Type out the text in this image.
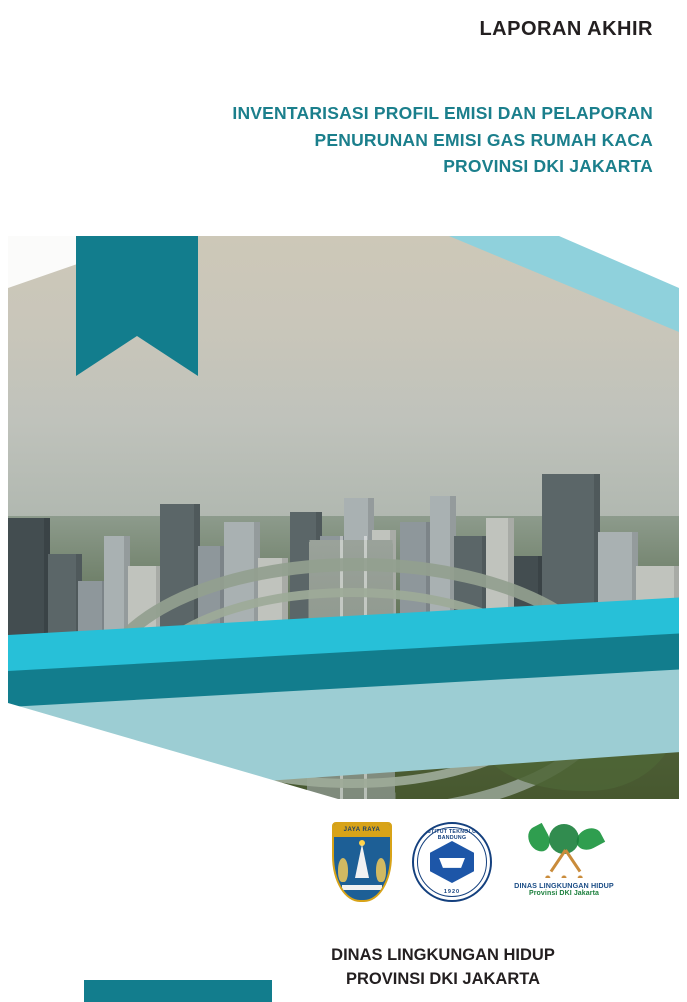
LAPORAN AKHIR
INVENTARISASI PROFIL EMISI DAN PELAPORAN
PENURUNAN EMISI GAS RUMAH KACA
PROVINSI DKI JAKARTA
2024
JAYA RAYA	INSTITUT TEKNOLOGI BANDUNG
1920
DINAS LINGKUNGAN HIDUP
Provinsi DKI Jakarta
DINAS LINGKUNGAN HIDUP
PROVINSI DKI JAKARTA
